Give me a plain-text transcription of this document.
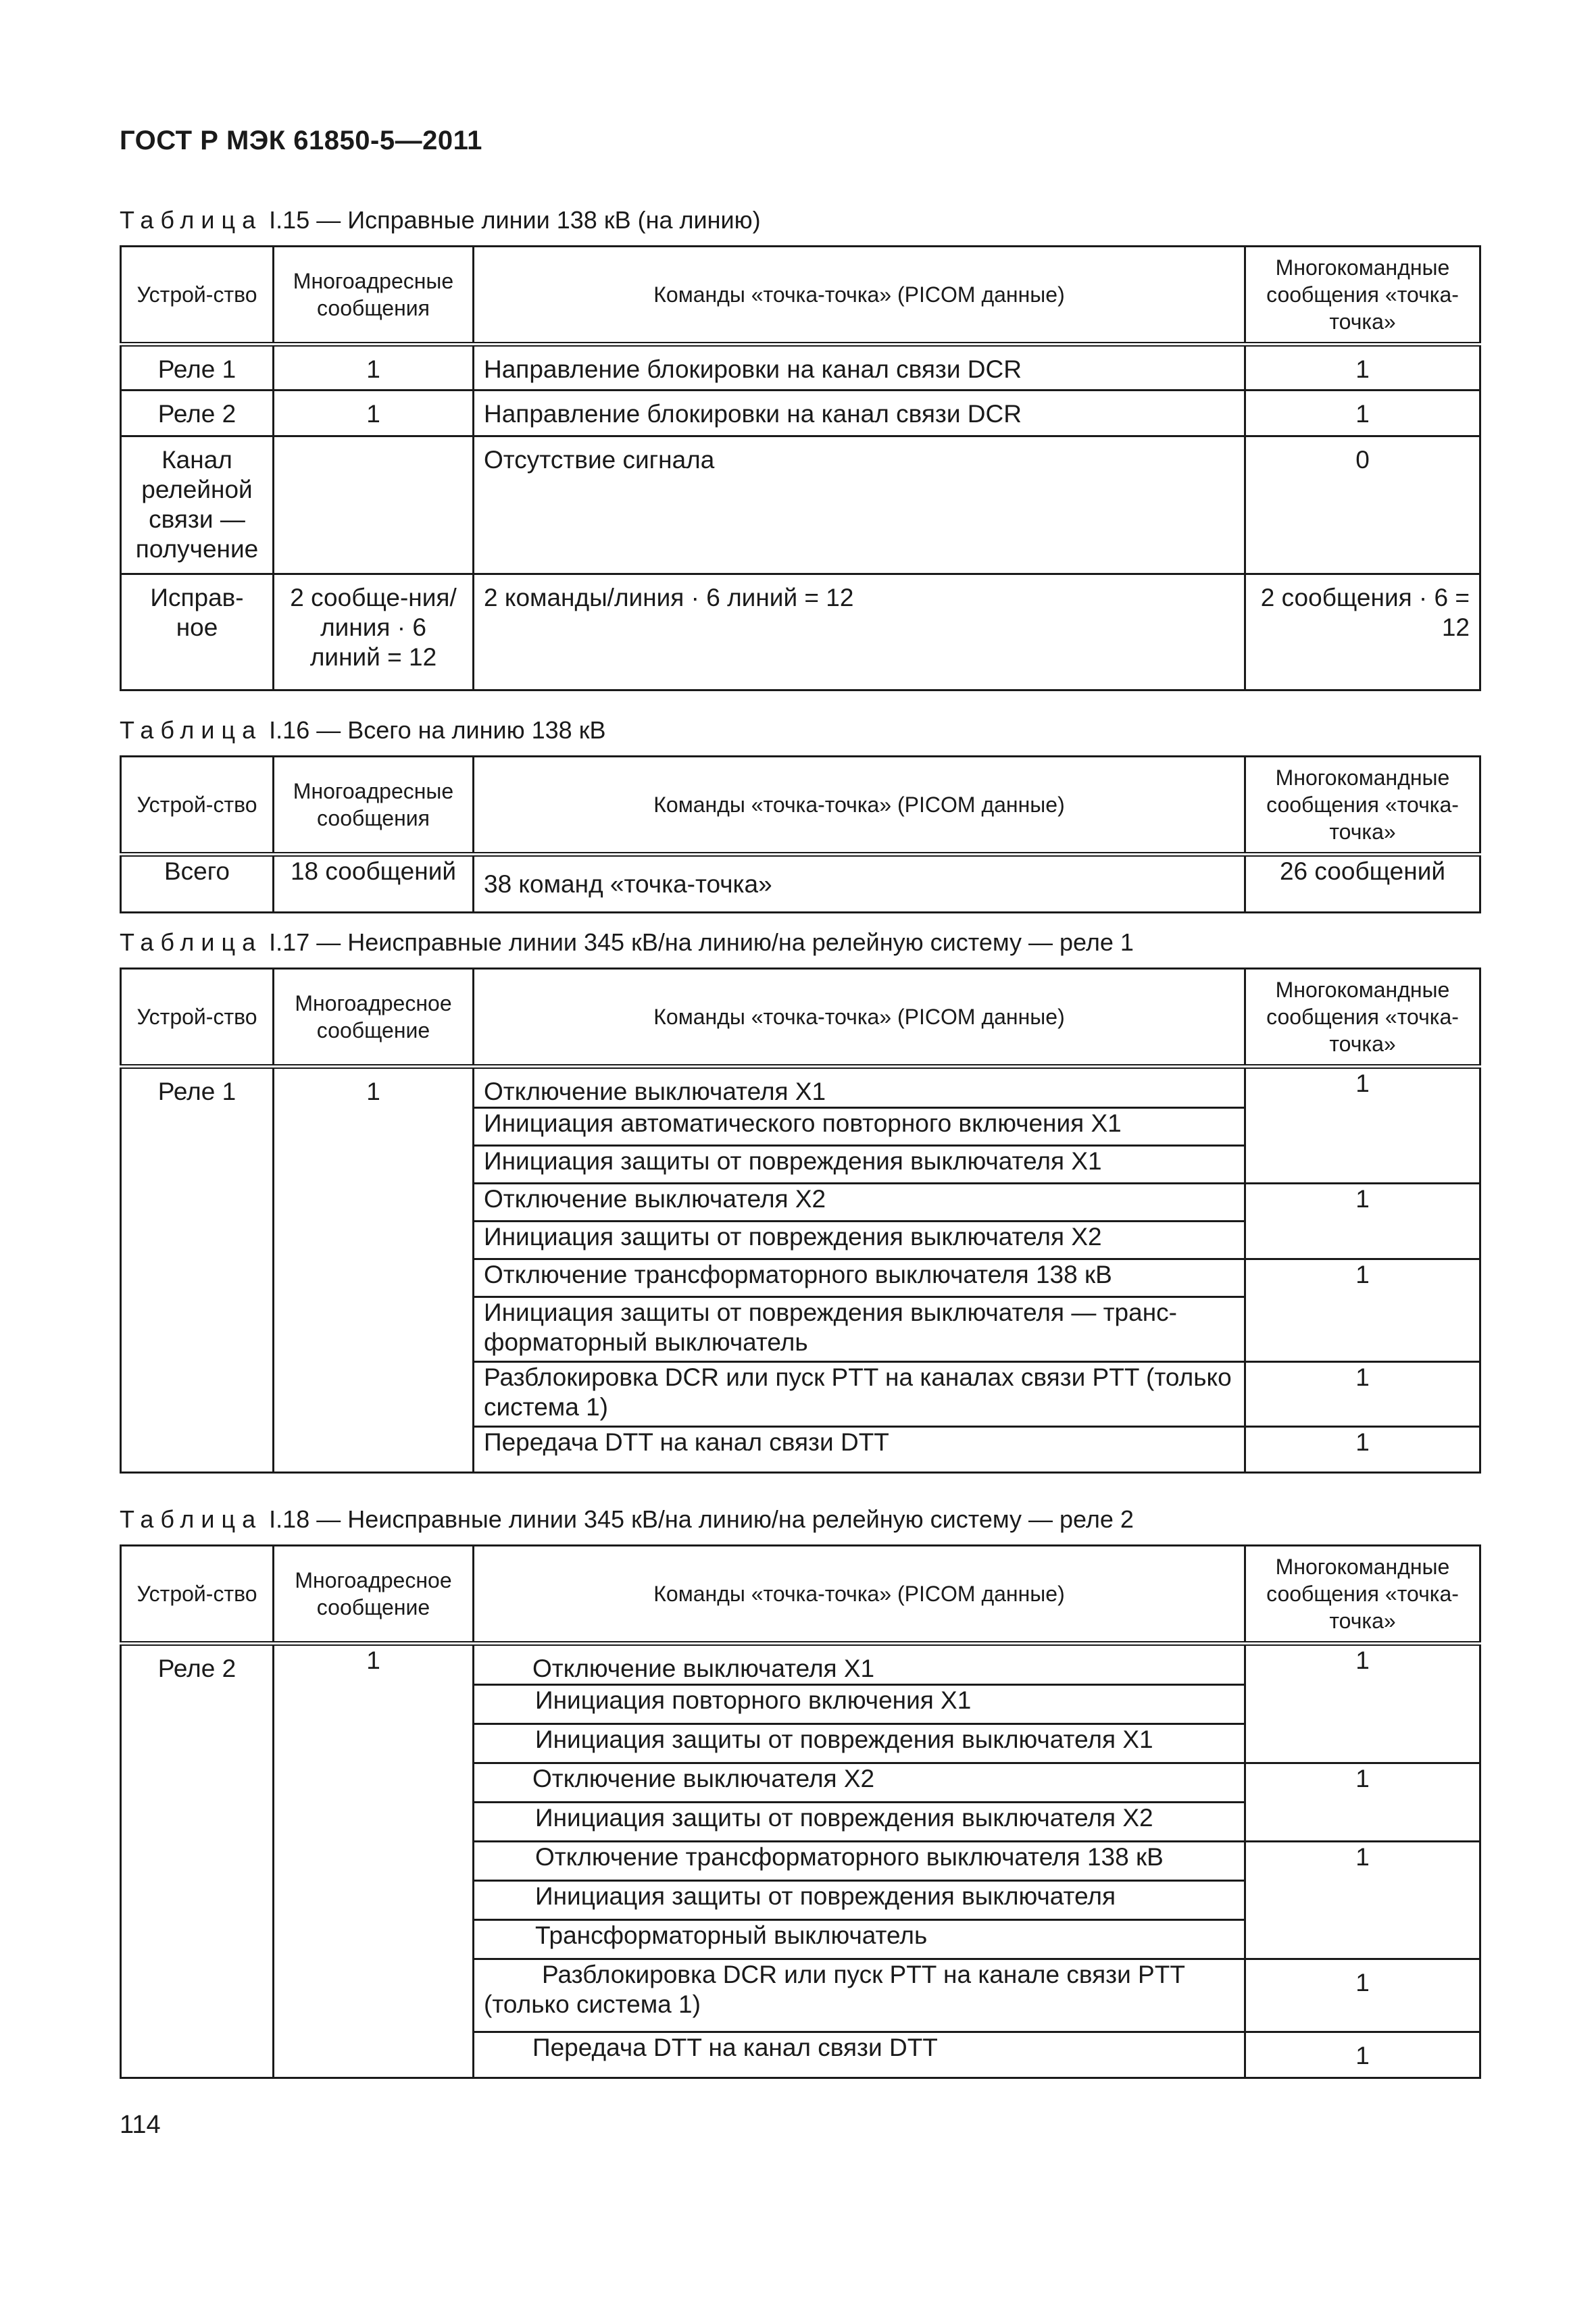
ГОСТ Р МЭК 61850-5—2011
Таблица I.15 — Исправные линии 138 кВ (на линию)
Устрой-ство	Многоадресные сообщения	Команды «точка-точка» (PICOM данные)	Многокомандные сообщения «точка-точка»
Реле 1	1	Направление блокировки на канал связи DCR	1
Реле 2	1	Направление блокировки на канал связи DCR	1
Канал релейной связи — получение		Отсутствие сигнала	0
Исправ-ное	2 сообще-ния/линия · 6 линий = 12	2 команды/линия · 6 линий = 12	2 сообщения · 6 = 12
Таблица I.16 — Всего на линию 138 кВ
Устрой-ство	Многоадресные сообщения	Команды «точка-точка» (PICOM данные)	Многокомандные сообщения «точка-точка»
Всего	18 сообщений	38 команд «точка-точка»	26 сообщений
Таблица I.17 — Неисправные линии 345 кВ/на линию/на релейную систему — реле 1
Устрой-ство	Многоадресное сообщение	Команды «точка-точка» (PICOM данные)	Многокомандные сообщения «точка-точка»
Реле 1	1	Отключение выключателя X1	1
		Инициация автоматического повторного включения X1	
		Инициация защиты от повреждения выключателя X1	
		Отключение выключателя X2	1
		Инициация защиты от повреждения выключателя X2	
		Отключение трансформаторного выключателя 138 кВ	1
		Инициация защиты от повреждения выключателя — транс-форматорный выключатель	
		Разблокировка DCR или пуск PTT на каналах связи PTT (только система 1)	1
		Передача DTT на канал связи DTT	1
Таблица I.18 — Неисправные линии 345 кВ/на линию/на релейную систему — реле 2
Устрой-ство	Многоадресное сообщение	Команды «точка-точка» (PICOM данные)	Многокомандные сообщения «точка-точка»
Реле 2	1	Отключение выключателя X1	1
		Инициация повторного включения X1	
		Инициация защиты от повреждения выключателя X1	
		Отключение выключателя X2	1
		Инициация защиты от повреждения выключателя X2	
		Отключение трансформаторного выключателя 138 кВ	1
		Инициация защиты от повреждения выключателя	
		Трансформаторный выключатель	
		Разблокировка DCR или пуск PTT на канале связи PTT (только система 1)	1
		Передача DTT на канал связи DTT	1
114
